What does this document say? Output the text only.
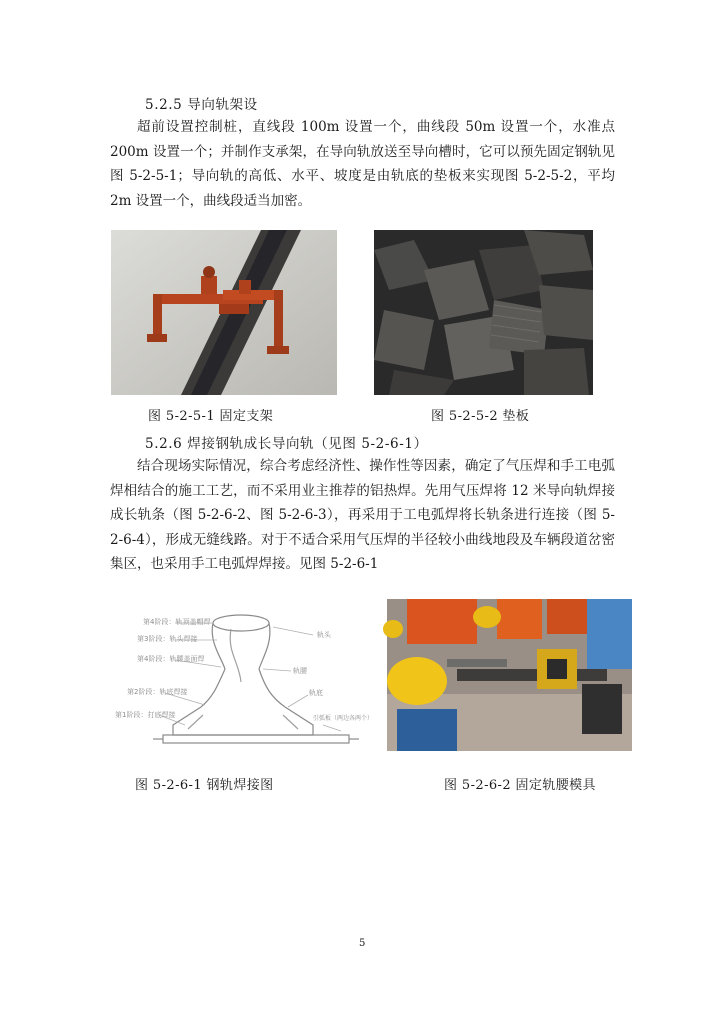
5.2.5 导向轨架设

超前设置控制桩，直线段 100m 设置一个，曲线段 50m 设置一个，水准点 200m 设置一个；并制作支承架，在导向轨放送至导向槽时，它可以预先固定钢轨见图 5-2-5-1；导向轨的高低、水平、坡度是由轨底的垫板来实现图 5-2-5-2，平均 2m 设置一个，曲线段适当加密。

图 5-2-5-1 固定支架	图 5-2-5-2 垫板
5.2.6 焊接钢轨成长导向轨（见图 5-2-6-1）

结合现场实际情况，综合考虑经济性、操作性等因素，确定了气压焊和手工电弧焊相结合的施工工艺，而不采用业主推荐的铝热焊。先用气压焊将 12 米导向轨焊接成长轨条（图 5-2-6-2、图 5-2-6-3），再采用于工电弧焊将长轨条进行连接（图 5-2-6-4），形成无缝线路。对于不适合采用气压焊的半径较小曲线地段及车辆段道岔密集区，也采用手工电弧焊焊接。见图 5-2-6-1

第4阶段：轨顶盖帽焊
第3阶段：轨头焊接
第4阶段：轨腰盖面焊
第2阶段：轨底焊接
第1阶段：打底焊接
轨头
轨腰
轨底
引弧板（两边各两个）
图 5-2-6-1 钢轨焊接图	图 5-2-6-2 固定轨腰模具
5
